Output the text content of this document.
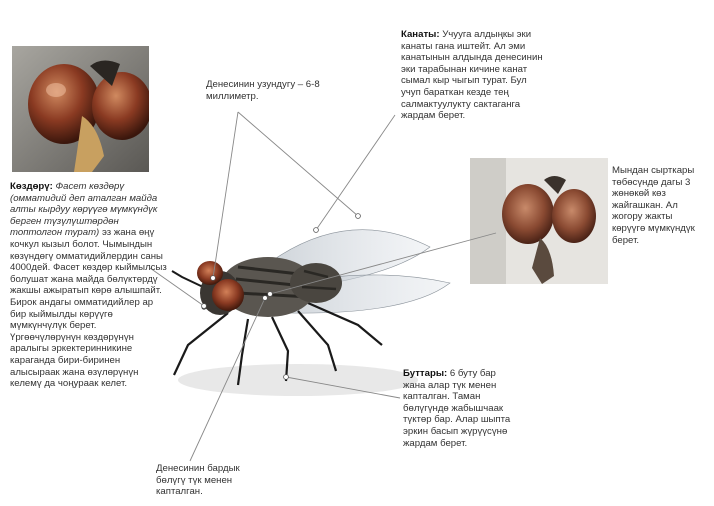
Денесинин узундугу – 6-8 миллиметр.
Канаты: Учууга алдыңкы эки канаты гана иштейт. Ал эми канатынын алдында денесинин эки тарабынан кичине канат сымал кыр чыгып турат. Бул учуп бараткан кезде тең салмактуулукту сактаганга жардам берет.
Көздөрү: Фасет көздөрү (омматидий деп аталган майда алты кырдуу көрүүгө мүмкүндүк берген түзүлүштөрдөн топтолгон турат) эз жана өңү кочкул кызыл болот. Чымындын көзүндөгү омматидийлердин саны 4000дей. Фасет көздөр кыймылсыз болушат жана майда бөлүктөрдү жакшы ажыратып көрө алышпайт. Бирок андагы омматидийлер ар бир кыймылды көрүүгө мүмкүнчүлүк берет. Үргөөчүлөрүнүн көздөрүнүн аралыгы эркектеринникине караганда бири-биринен алысыраак жана өзүлөрүнүн келемү да чоңураак келет.
Мындан сырткары төбөсүндө дагы 3 жөнөкөй көз жайгашкан. Ал жогору жакты көрүүгө мүмкүндүк берет.
Буттары: 6 буту бар жана алар түк менен капталган. Таман бөлүгүндө жабышчаак түктөр бар. Алар шыпта эркин басып жүрүүсүнө жардам берет.
Денесинин бардык бөлүгү түк менен капталган.
